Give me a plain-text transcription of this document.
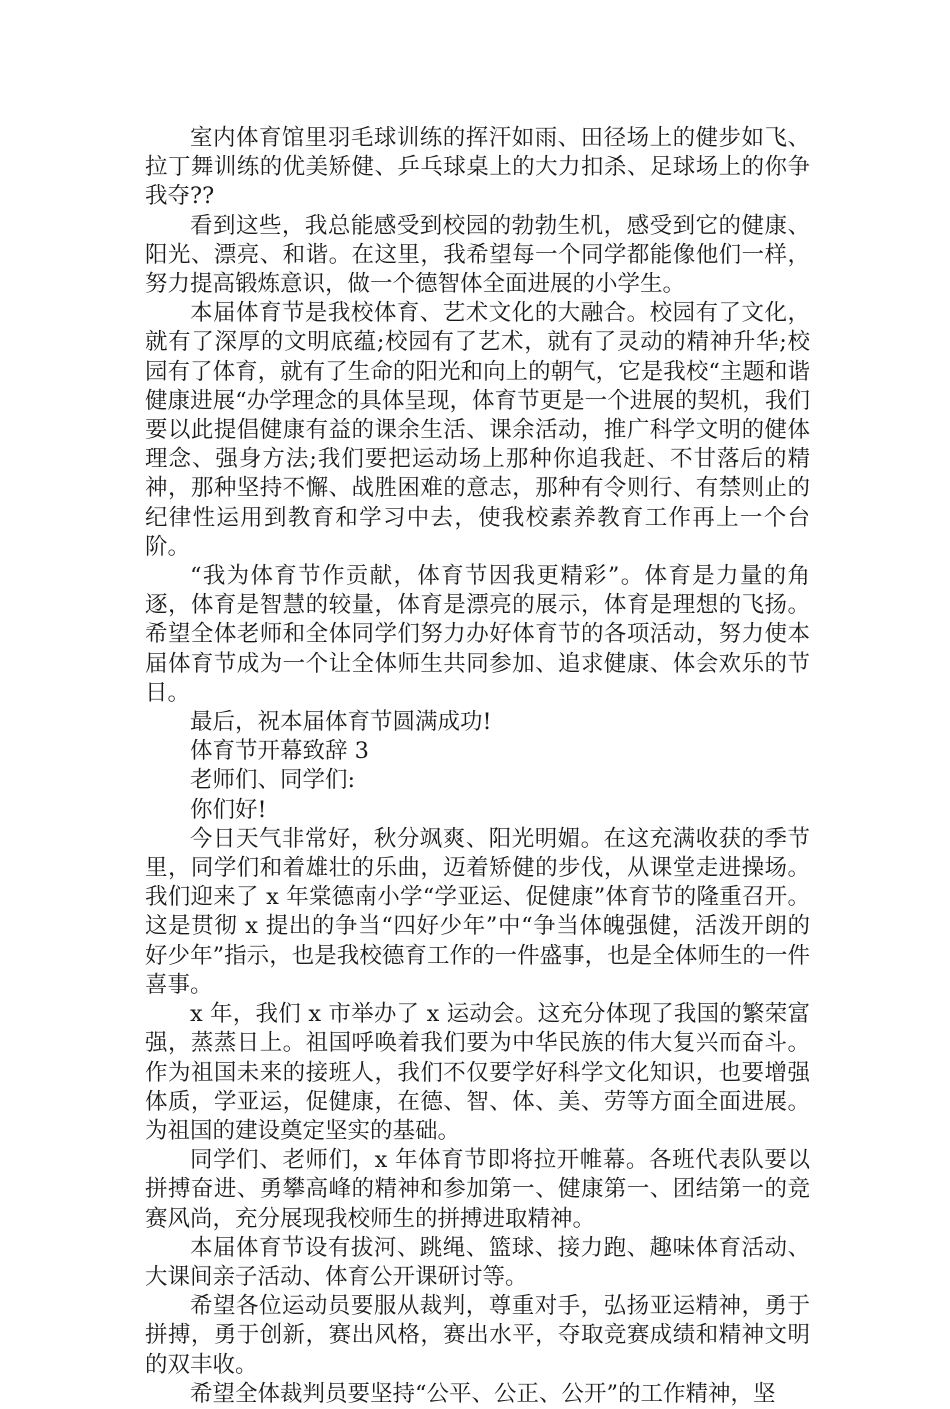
室内体育馆里羽毛球训练的挥汗如雨、田径场上的健步如飞、拉丁舞训练的优美矫健、乒乓球桌上的大力扣杀、足球场上的你争我夺??

看到这些，我总能感受到校园的勃勃生机，感受到它的健康、阳光、漂亮、和谐。在这里，我希望每一个同学都能像他们一样，努力提高锻炼意识，做一个德智体全面进展的小学生。

本届体育节是我校体育、艺术文化的大融合。校园有了文化，就有了深厚的文明底蕴;校园有了艺术，就有了灵动的精神升华;校园有了体育，就有了生命的阳光和向上的朝气，它是我校“主题和谐健康进展“办学理念的具体呈现，体育节更是一个进展的契机，我们要以此提倡健康有益的课余生活、课余活动，推广科学文明的健体理念、强身方法;我们要把运动场上那种你追我赶、不甘落后的精神，那种坚持不懈、战胜困难的意志，那种有令则行、有禁则止的纪律性运用到教育和学习中去，使我校素养教育工作再上一个台阶。

“我为体育节作贡献，体育节因我更精彩”。体育是力量的角逐，体育是智慧的较量，体育是漂亮的展示，体育是理想的飞扬。希望全体老师和全体同学们努力办好体育节的各项活动，努力使本届体育节成为一个让全体师生共同参加、追求健康、体会欢乐的节日。

最后，祝本届体育节圆满成功!

体育节开幕致辞 3

老师们、同学们:

你们好!

今日天气非常好，秋分飒爽、阳光明媚。在这充满收获的季节里，同学们和着雄壮的乐曲，迈着矫健的步伐，从课堂走进操场。我们迎来了 x 年棠德南小学“学亚运、促健康”体育节的隆重召开。这是贯彻 x 提出的争当“四好少年”中“争当体魄强健，活泼开朗的好少年”指示，也是我校德育工作的一件盛事，也是全体师生的一件喜事。

x 年，我们 x 市举办了 x 运动会。这充分体现了我国的繁荣富强，蒸蒸日上。祖国呼唤着我们要为中华民族的伟大复兴而奋斗。作为祖国未来的接班人，我们不仅要学好科学文化知识，也要增强体质，学亚运，促健康，在德、智、体、美、劳等方面全面进展。为祖国的建设奠定坚实的基础。

同学们、老师们，x 年体育节即将拉开帷幕。各班代表队要以拼搏奋进、勇攀高峰的精神和参加第一、健康第一、团结第一的竞赛风尚，充分展现我校师生的拼搏进取精神。

本届体育节设有拔河、跳绳、篮球、接力跑、趣味体育活动、大课间亲子活动、体育公开课研讨等。

希望各位运动员要服从裁判，尊重对手，弘扬亚运精神，勇于拼搏，勇于创新，赛出风格，赛出水平，夺取竞赛成绩和精神文明的双丰收。

希望全体裁判员要坚持“公平、公正、公开”的工作精神，坚
